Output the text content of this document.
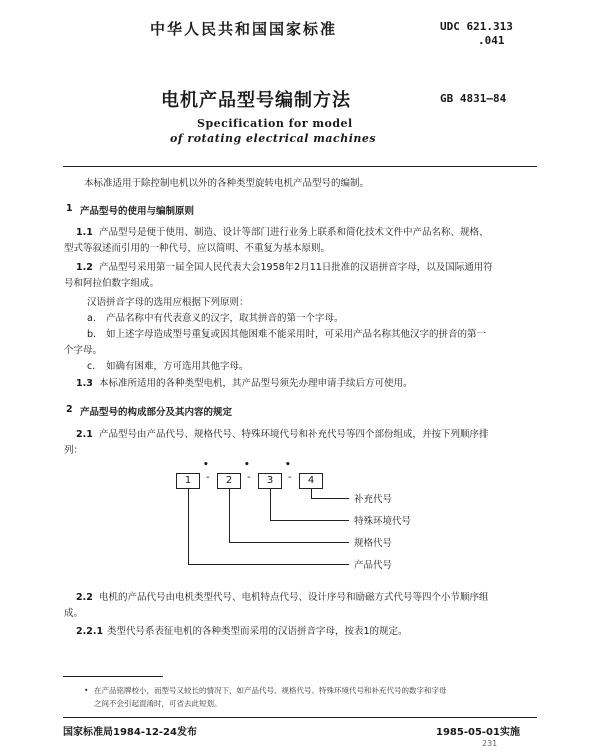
中华人民共和国国家标准	UDC 621.313
.041
GB 4831—84
电机产品型号编制方法
Specification for model
of rotating electrical machines
本标准适用于除控制电机以外的各种类型旋转电机产品型号的编制。
1 产品型号的使用与编制原则
1.1 产品型号是便于使用、制造、设计等部门进行业务上联系和简化技术文件中产品名称、规格、
型式等叙述而引用的一种代号，应以简明、不重复为基本原则。
1.2 产品型号采用第一届全国人民代表大会1958年2月11日批准的汉语拼音字母，以及国际通用符
号和阿拉伯数字组成。
汉语拼音字母的选用应根据下列原则：
a. 产品名称中有代表意义的汉字，取其拼音的第一个字母。
b. 如上述字母造成型号重复或因其他困难不能采用时，可采用产品名称其他汉字的拼音的第一
个字母。
c. 如确有困难，方可选用其他字母。
1.3 本标准所适用的各种类型电机，其产品型号须先办理申请手续后方可使用。
2 产品型号的构成部分及其内容的规定
2.1 产品型号由产品代号、规格代号、特殊环境代号和补充代号等四个部份组成，并按下列顺序排
列：
1	-
•
2	-
•
3	-
•
4
补充代号
特殊环境代号
规格代号
产品代号
2.2 电机的产品代号由电机类型代号、电机特点代号、设计序号和励磁方式代号等四个小节顺序组
成。
2.2.1 类型代号系表征电机的各种类型而采用的汉语拼音字母，按表1的规定。
• 在产品铭牌校小，而型号又较长的情况下，如产品代号、规格代号、特殊环境代号和补充代号的数字和字母
之间不会引起混淆时，可省去此短划。
国家标准局1984-12-24发布	1985-05-01实施
231
